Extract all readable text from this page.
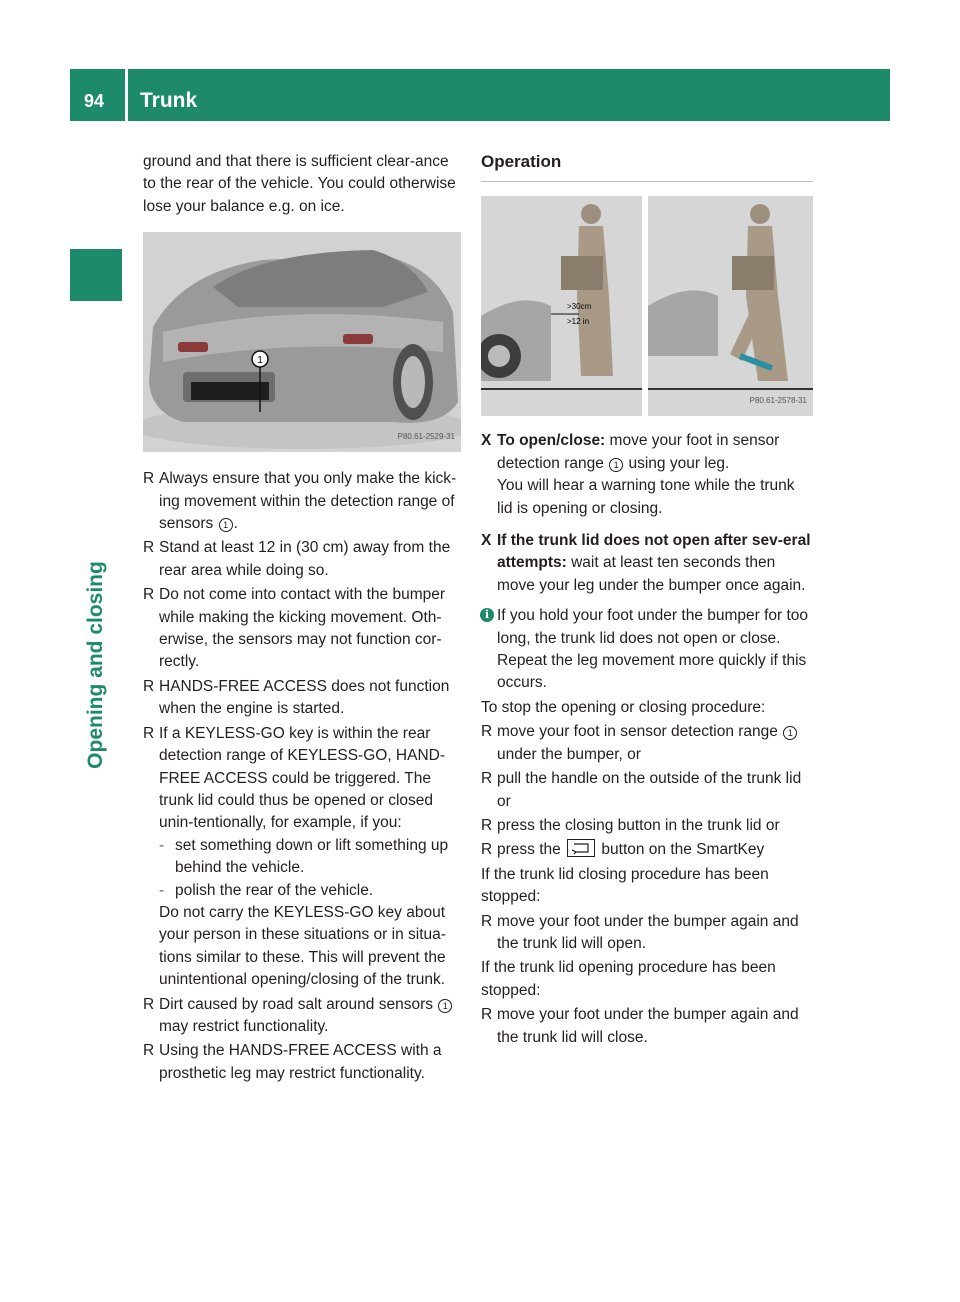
94 Trunk
Opening and closing

ground and that there is sufficient clear-ance to the rear of the vehicle. You could otherwise lose your balance e.g. on ice.

1
P80.61-2529-31

R Always ensure that you only make the kick-ing movement within the detection range of sensors 1 .

R Stand at least 12 in (30 cm) away from the rear area while doing so.

R Do not come into contact with the bumper while making the kicking movement. Oth-erwise, the sensors may not function cor-rectly.

R HANDS-FREE ACCESS does not function when the engine is started.

R If a KEYLESS-GO key is within the rear detection range of KEYLESS-GO, HAND-FREE ACCESS could be triggered. The trunk lid could thus be opened or closed unin-tentionally, for example, if you:

- set something down or lift something up behind the vehicle.
- polish the rear of the vehicle.
Do not carry the KEYLESS-GO key about your person in these situations or in situa-tions similar to these. This will prevent the unintentional opening/closing of the trunk.

R Dirt caused by road salt around sensors 1 may restrict functionality.

R Using the HANDS-FREE ACCESS with a prosthetic leg may restrict functionality.

Operation

>30cm
>12 in
P80.61-2578-31

X To open/close: move your foot in sensor detection range 1 using your leg.
You will hear a warning tone while the trunk lid is opening or closing.

X If the trunk lid does not open after sev-eral attempts: wait at least ten seconds then move your leg under the bumper once again.

i If you hold your foot under the bumper for too long, the trunk lid does not open or close. Repeat the leg movement more quickly if this occurs.

To stop the opening or closing procedure:

R move your foot in sensor detection range 1 under the bumper, or

R pull the handle on the outside of the trunk lid or

R press the closing button in the trunk lid or

R press the	button on the SmartKey

If the trunk lid closing procedure has been stopped:

R move your foot under the bumper again and the trunk lid will open.

If the trunk lid opening procedure has been stopped:

R move your foot under the bumper again and the trunk lid will close.
